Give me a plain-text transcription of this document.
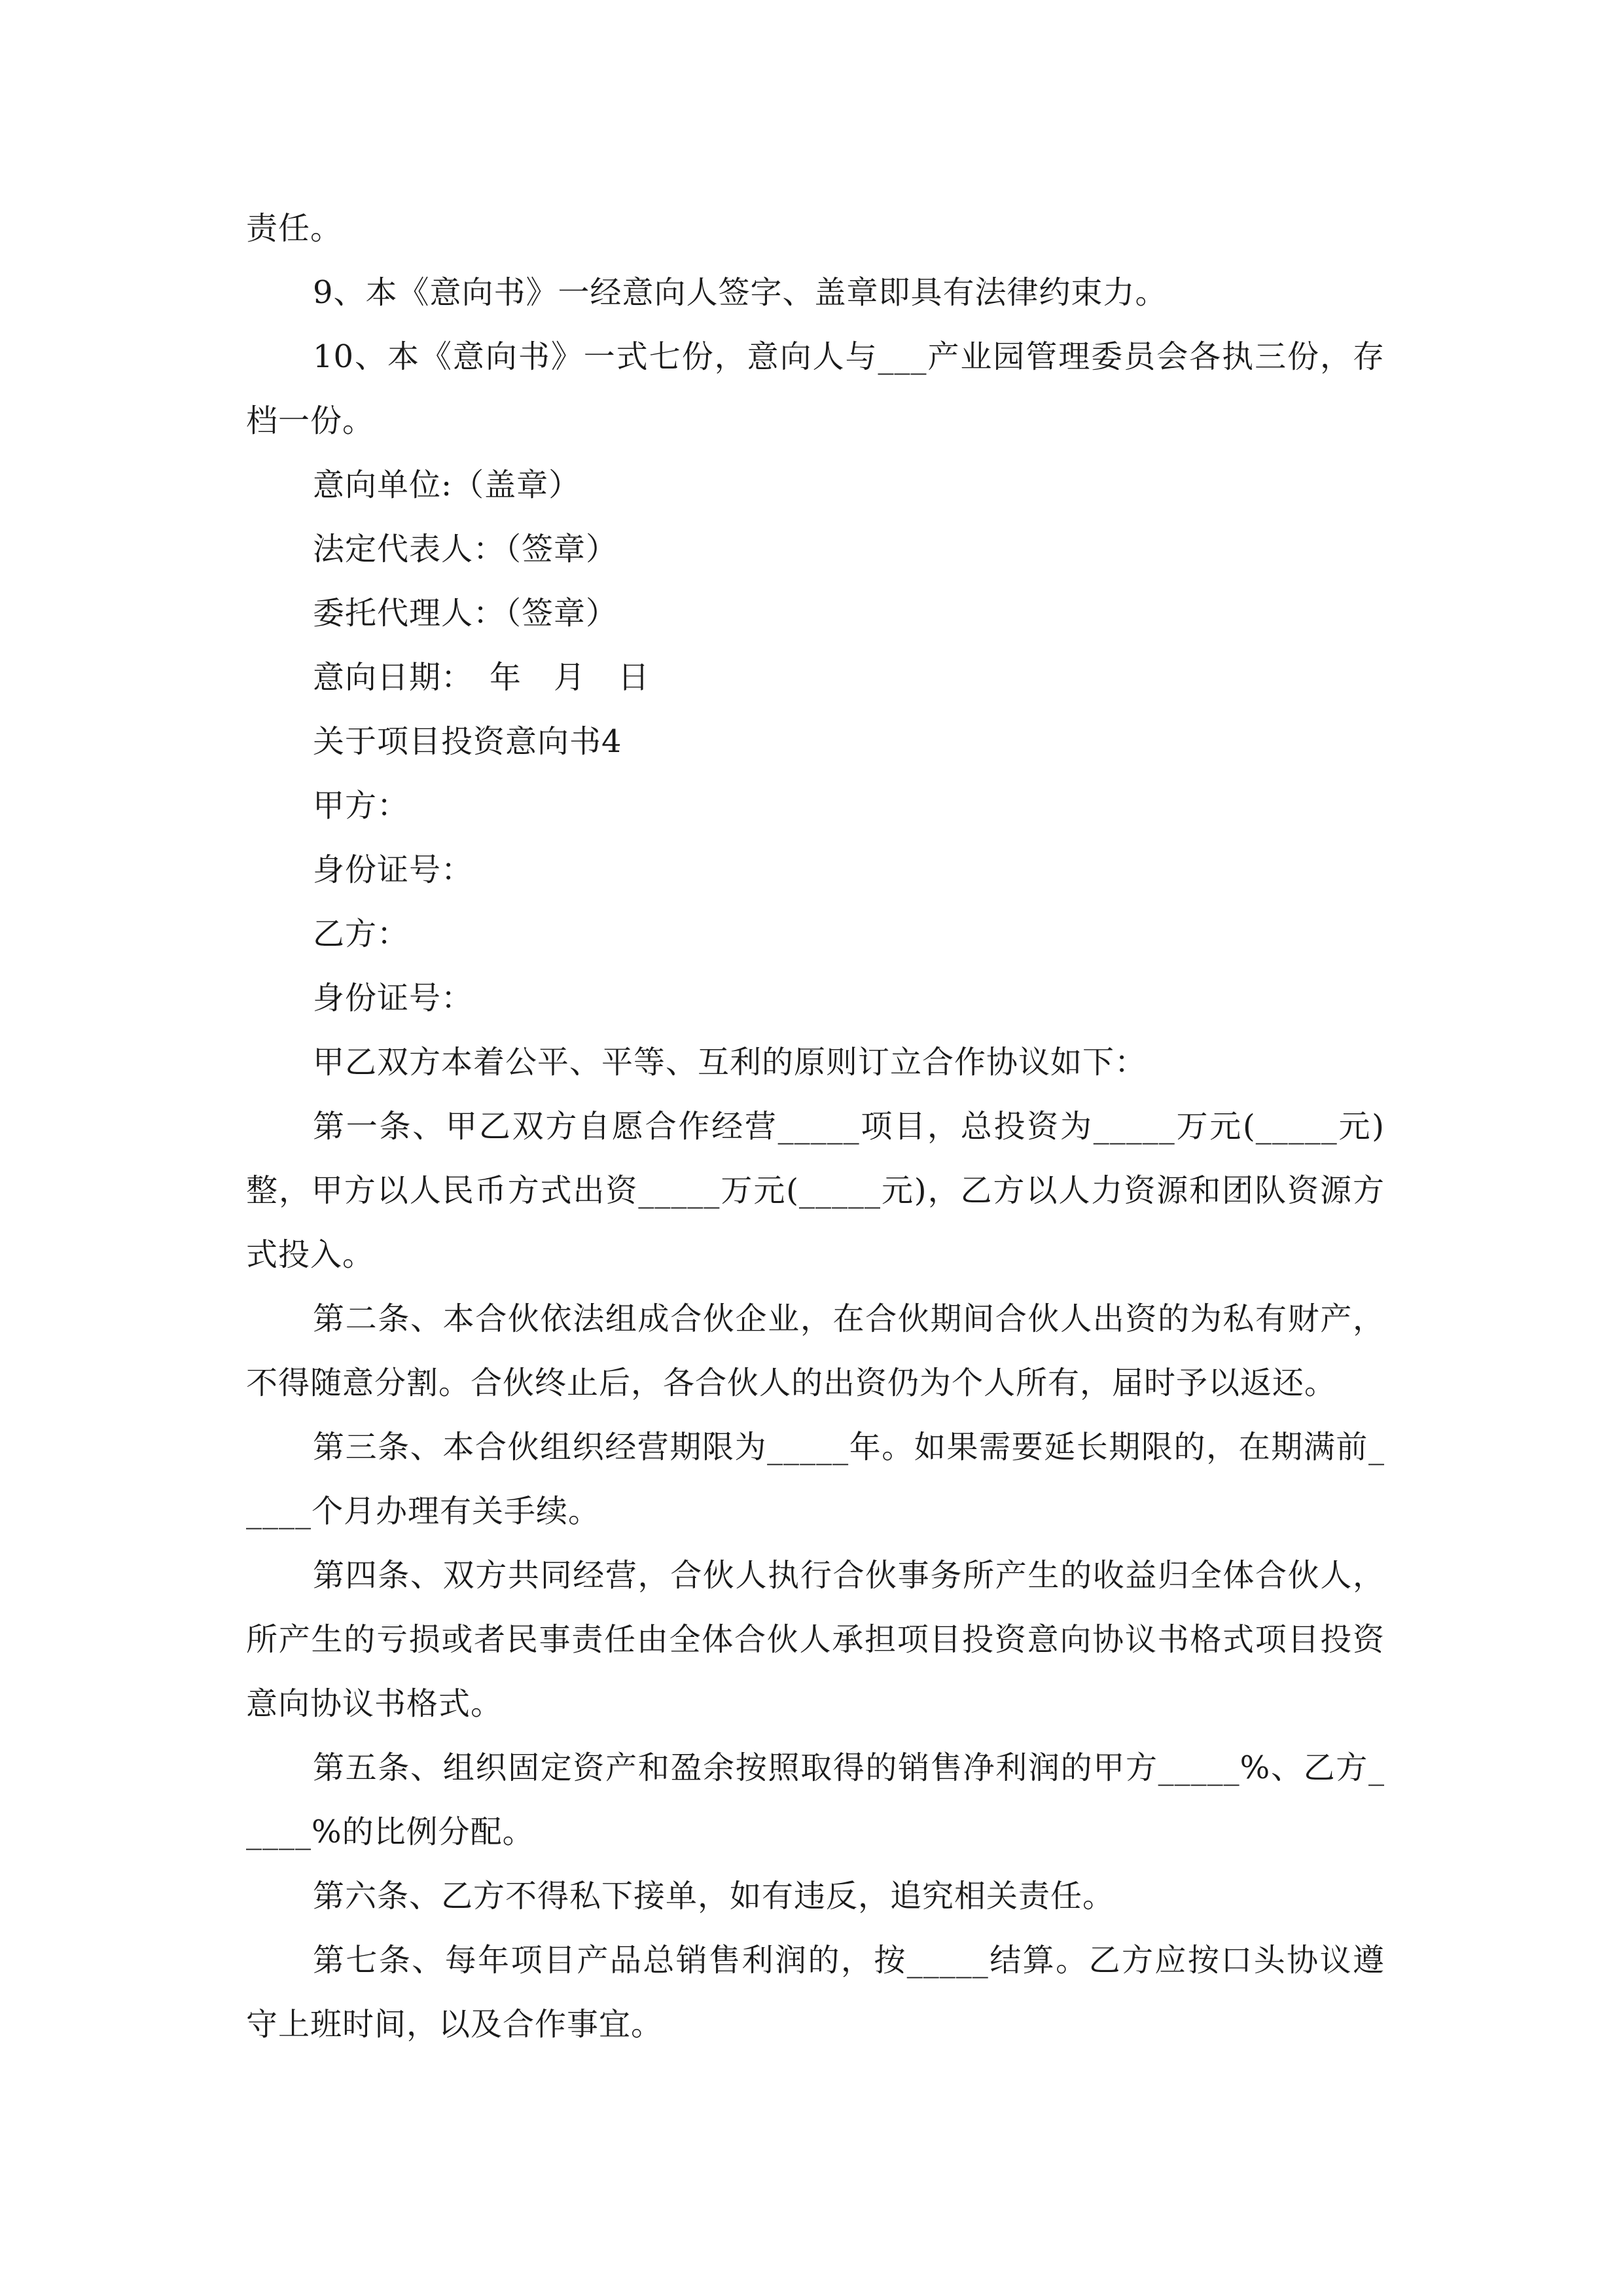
责任。

9、本《意向书》一经意向人签字、盖章即具有法律约束力。

10、本《意向书》一式七份，意向人与___产业园管理委员会各执三份，存档一份。

意向单位:（盖章）

法定代表人：（签章）

委托代理人：（签章）

意向日期：　年　月　日

关于项目投资意向书4

甲方：

身份证号：

乙方：

身份证号：

甲乙双方本着公平、平等、互利的原则订立合作协议如下：

第一条、甲乙双方自愿合作经营_____项目，总投资为_____万元(_____元)整，甲方以人民币方式出资_____万元(_____元)，乙方以人力资源和团队资源方式投入。

第二条、本合伙依法组成合伙企业，在合伙期间合伙人出资的为私有财产，不得随意分割。合伙终止后，各合伙人的出资仍为个人所有，届时予以返还。

第三条、本合伙组织经营期限为_____年。如果需要延长期限的，在期满前_____个月办理有关手续。

第四条、双方共同经营，合伙人执行合伙事务所产生的收益归全体合伙人，所产生的亏损或者民事责任由全体合伙人承担项目投资意向协议书格式项目投资意向协议书格式。

第五条、组织固定资产和盈余按照取得的销售净利润的甲方_____%、乙方_____%的比例分配。

第六条、乙方不得私下接单，如有违反，追究相关责任。

第七条、每年项目产品总销售利润的，按_____结算。乙方应按口头协议遵守上班时间，以及合作事宜。
